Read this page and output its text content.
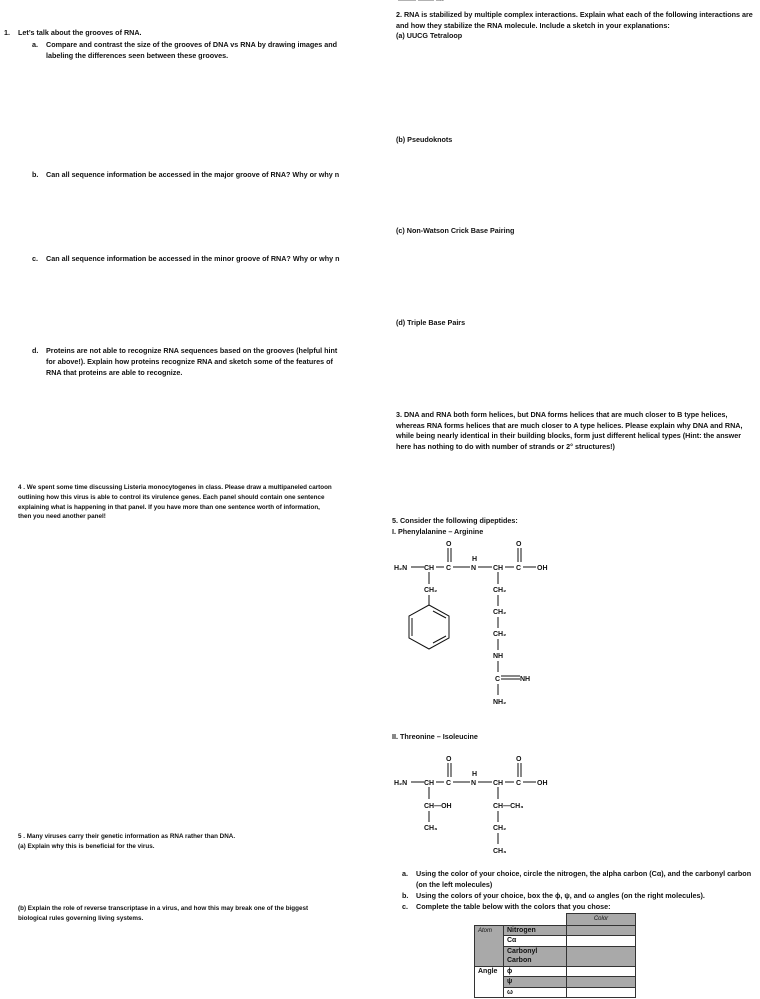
1. Let’s talk about the grooves of RNA.
a. Compare and contrast the size of the grooves of DNA vs RNA by drawing images and
labeling the differences seen between these grooves.
b. Can all sequence information be accessed in the major groove of RNA? Why or why n
c. Can all sequence information be accessed in the minor groove of RNA? Why or why n
d. Proteins are not able to recognize RNA sequences based on the grooves (helpful hint
for above!). Explain how proteins recognize RNA and sketch some of the features of
RNA that proteins are able to recognize.
4 . We spent some time discussing Listeria monocytogenes in class. Please draw a multipaneled cartoon
outlining how this virus is able to control its virulence genes. Each panel should contain one sentence
explaining what is happening in that panel. If you have more than one sentence worth of information,
then you need another panel!
5 . Many viruses carry their genetic information as RNA rather than DNA.
(a) Explain why this is beneficial for the virus.
(b) Explain the role of reverse transcriptase in a virus, and how this may break one of the biggest
biological rules governing living systems.
2. RNA is stabilized by multiple complex interactions. Explain what each of the following interactions are
and how they stabilize the RNA molecule. Include a sketch in your explanations:
(a) UUCG Tetraloop
(b) Pseudoknots
(c) Non-Watson Crick Base Pairing
(d) Triple Base Pairs
3. DNA and RNA both form helices, but DNA forms helices that are much closer to B type helices,
whereas RNA forms helices that are much closer to A type helices. Please explain why DNA and RNA,
while being nearly identical in their building blocks, form just different helical types (Hint: the answer
here has nothing to do with number of strands or 2° structures!)
5. Consider the following dipeptides:
I. Phenylalanine – Arginine
H₂N CH C
O
H
N CH C
O
OH
CH₂	CH₂
CH₂
CH₂
NH
C	NH
NH₂
II. Threonine – Isoleucine
H₂N CH C
O
H
N CH C
O
OH
CH—OH
CH₃
CH—CH₃
CH₂
CH₃
a. Using the color of your choice, circle the nitrogen, the alpha carbon (Cα), and the carbonyl carbon
(on the left molecules)
b. Using the colors of your choice, box the ϕ, ψ, and ω angles (on the right molecules).
c. Complete the table below with the colors that you chose:
		Color
Atom	Nitrogen	
	Cα	
	Carbonyl Carbon	
Angle	ϕ	
	ψ	
	ω	
